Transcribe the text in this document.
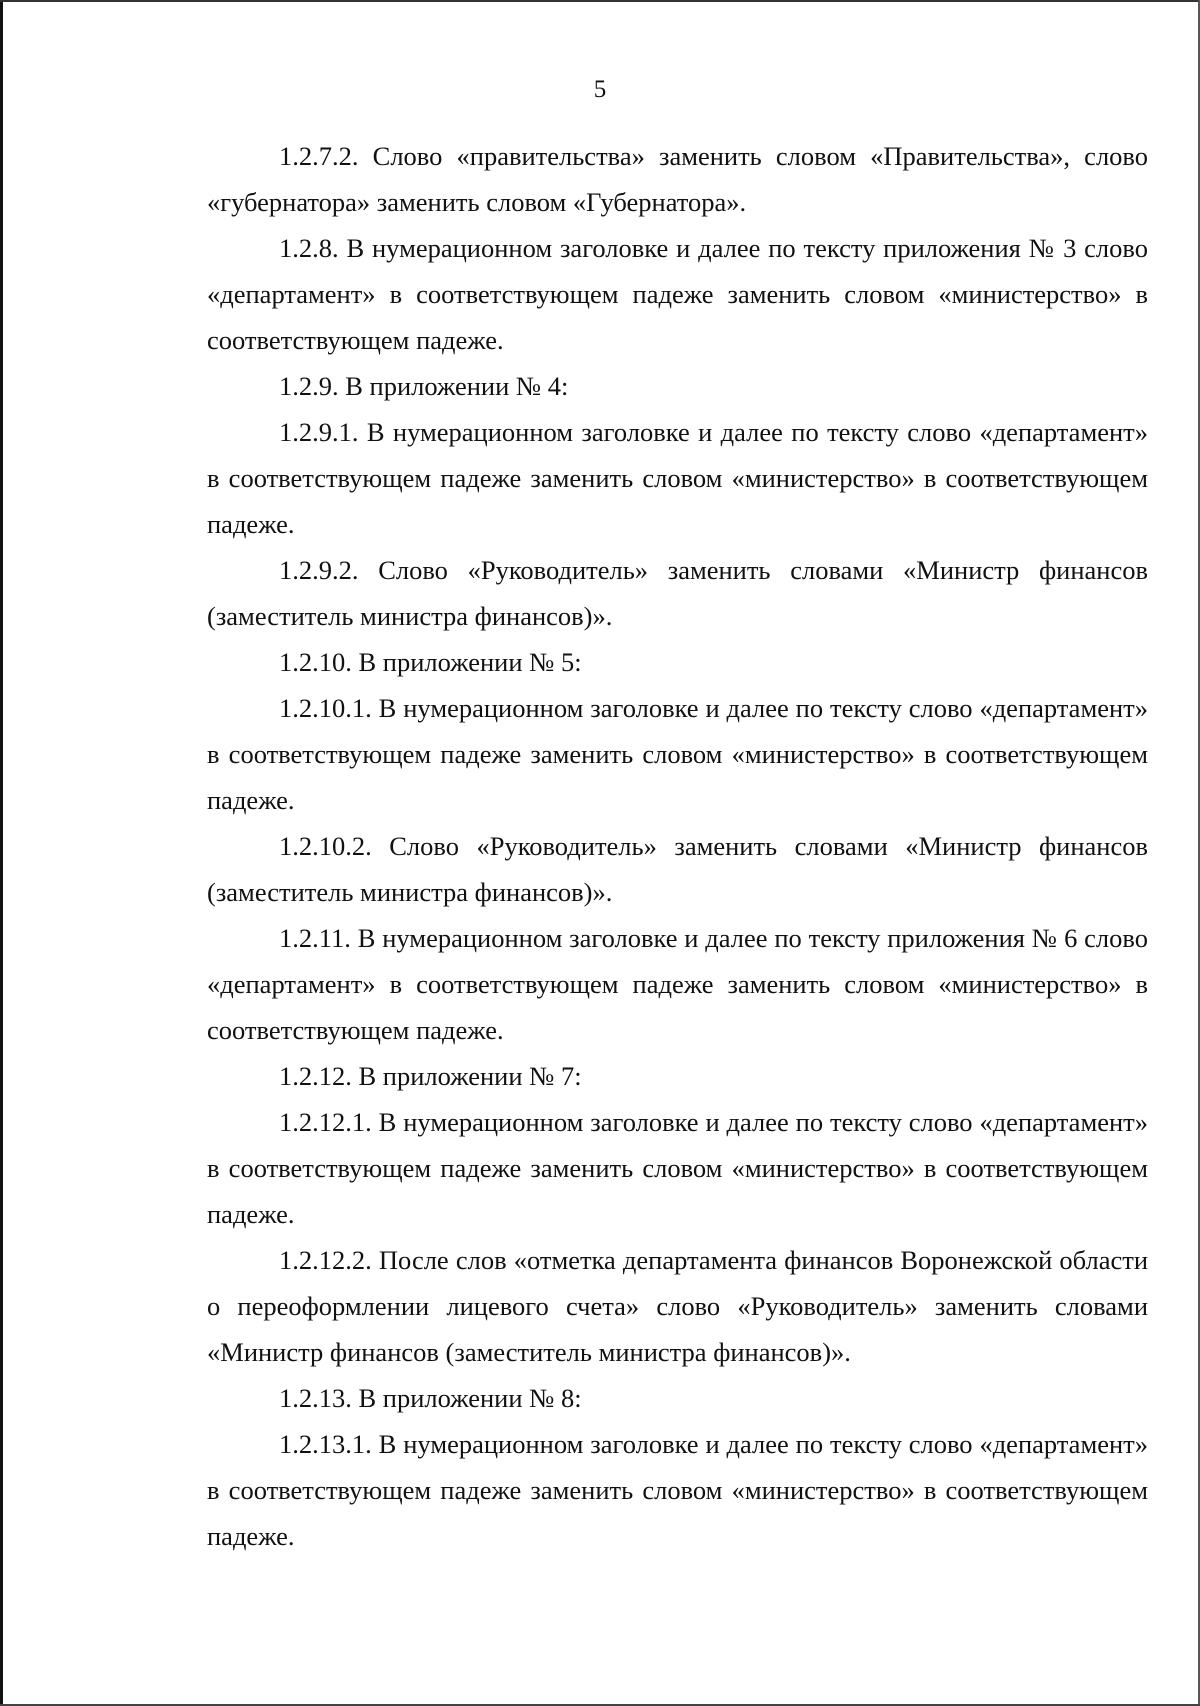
5

1.2.7.2. Слово «правительства» заменить словом «Правительства», слово «губернатора» заменить словом «Губернатора».

1.2.8. В нумерационном заголовке и далее по тексту приложения № 3 слово «департамент» в соответствующем падеже заменить словом «министерство» в соответствующем падеже.

1.2.9. В приложении № 4:

1.2.9.1. В нумерационном заголовке и далее по тексту слово «департамент» в соответствующем падеже заменить словом «министерство» в соответствующем падеже.

1.2.9.2. Слово «Руководитель» заменить словами «Министр финансов (заместитель министра финансов)».

1.2.10. В приложении № 5:

1.2.10.1. В нумерационном заголовке и далее по тексту слово «департамент» в соответствующем падеже заменить словом «министерство» в соответствующем падеже.

1.2.10.2. Слово «Руководитель» заменить словами «Министр финансов (заместитель министра финансов)».

1.2.11. В нумерационном заголовке и далее по тексту приложения № 6 слово «департамент» в соответствующем падеже заменить словом «министерство» в соответствующем падеже.

1.2.12. В приложении № 7:

1.2.12.1. В нумерационном заголовке и далее по тексту слово «департамент» в соответствующем падеже заменить словом «министерство» в соответствующем падеже.

1.2.12.2. После слов «отметка департамента финансов Воронежской области о переоформлении лицевого счета» слово «Руководитель» заменить словами «Министр финансов (заместитель министра финансов)».

1.2.13. В приложении № 8:

1.2.13.1. В нумерационном заголовке и далее по тексту слово «департамент» в соответствующем падеже заменить словом «министерство» в соответствующем падеже.
